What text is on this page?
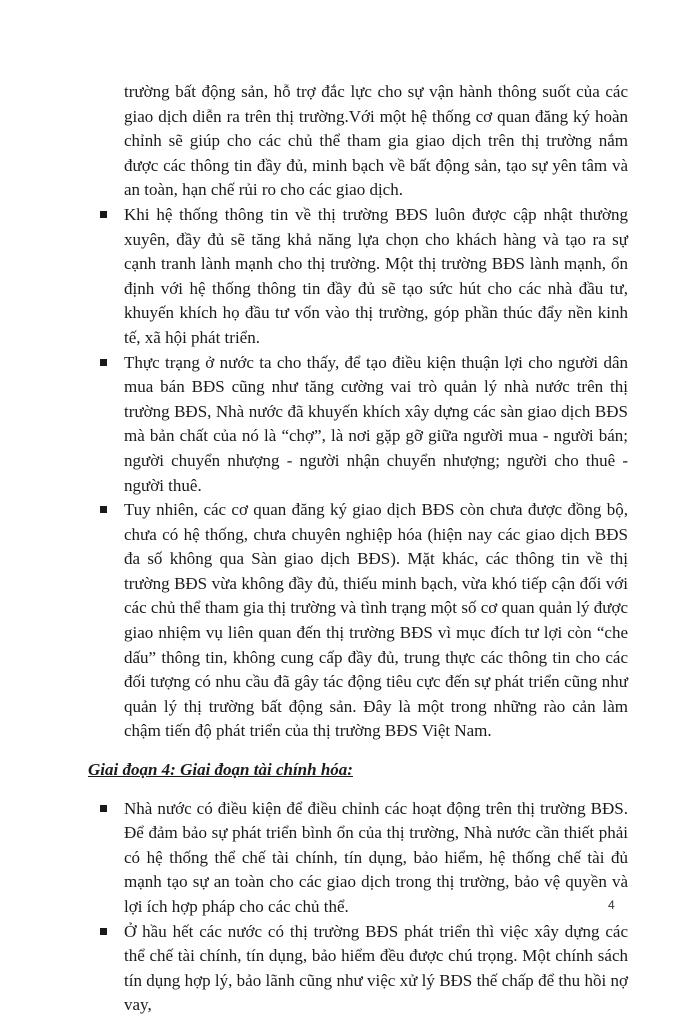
trường bất động sản, hỗ trợ đắc lực cho sự vận hành thông suốt của các giao dịch diễn ra trên thị trường.Với một hệ thống cơ quan đăng ký hoàn chỉnh sẽ giúp cho các chủ thể tham gia giao dịch trên thị trường nắm được các thông tin đầy đủ, minh bạch về bất động sản, tạo sự yên tâm và an toàn, hạn chế rủi ro cho các giao dịch.

Khi hệ thống thông tin về thị trường BĐS luôn được cập nhật thường xuyên, đầy đủ sẽ tăng khả năng lựa chọn cho khách hàng và tạo ra sự cạnh tranh lành mạnh cho thị trường. Một thị trường BĐS lành mạnh, ổn định với hệ thống thông tin đầy đủ sẽ tạo sức hút cho các nhà đầu tư, khuyến khích họ đầu tư vốn vào thị trường, góp phần thúc đẩy nền kinh tế, xã hội phát triển.

Thực trạng ở nước ta cho thấy, để tạo điều kiện thuận lợi cho người dân mua bán BĐS cũng như tăng cường vai trò quản lý nhà nước trên thị trường BĐS, Nhà nước đã khuyến khích xây dựng các sàn giao dịch BĐS mà bản chất của nó là “chợ”, là nơi gặp gỡ giữa người mua - người bán; người chuyển nhượng - người nhận chuyển nhượng; người cho thuê - người thuê.

Tuy nhiên, các cơ quan đăng ký giao dịch BĐS còn chưa được đồng bộ, chưa có hệ thống, chưa chuyên nghiệp hóa (hiện nay các giao dịch BĐS đa số không qua Sàn giao dịch BĐS). Mặt khác, các thông tin về thị trường BĐS vừa không đầy đủ, thiếu minh bạch, vừa khó tiếp cận đối với các chủ thể tham gia thị trường và tình trạng một số cơ quan quản lý được giao nhiệm vụ liên quan đến thị trường BĐS vì mục đích tư lợi còn “che dấu” thông tin, không cung cấp đầy đủ, trung thực các thông tin cho các đối tượng có nhu cầu đã gây tác động tiêu cực đến sự phát triển cũng như quản lý thị trường bất động sản. Đây là một trong những rào cản làm chậm tiến độ phát triển của thị trường BĐS Việt Nam.

Giai đoạn 4: Giai đoạn tài chính hóa:

Nhà nước có điều kiện để điều chỉnh các hoạt động trên thị trường BĐS. Để đảm bảo sự phát triển bình ổn của thị trường, Nhà nước cần thiết phải có hệ thống thể chế tài chính, tín dụng, bảo hiểm, hệ thống chế tài đủ mạnh tạo sự an toàn cho các giao dịch trong thị trường, bảo vệ quyền và lợi ích hợp pháp cho các chủ thể.

Ở hầu hết các nước có thị trường BĐS phát triển thì việc xây dựng các thể chế tài chính, tín dụng, bảo hiểm đều được chú trọng. Một chính sách tín dụng hợp lý, bảo lãnh cũng như việc xử lý BĐS thế chấp để thu hồi nợ vay,

4
